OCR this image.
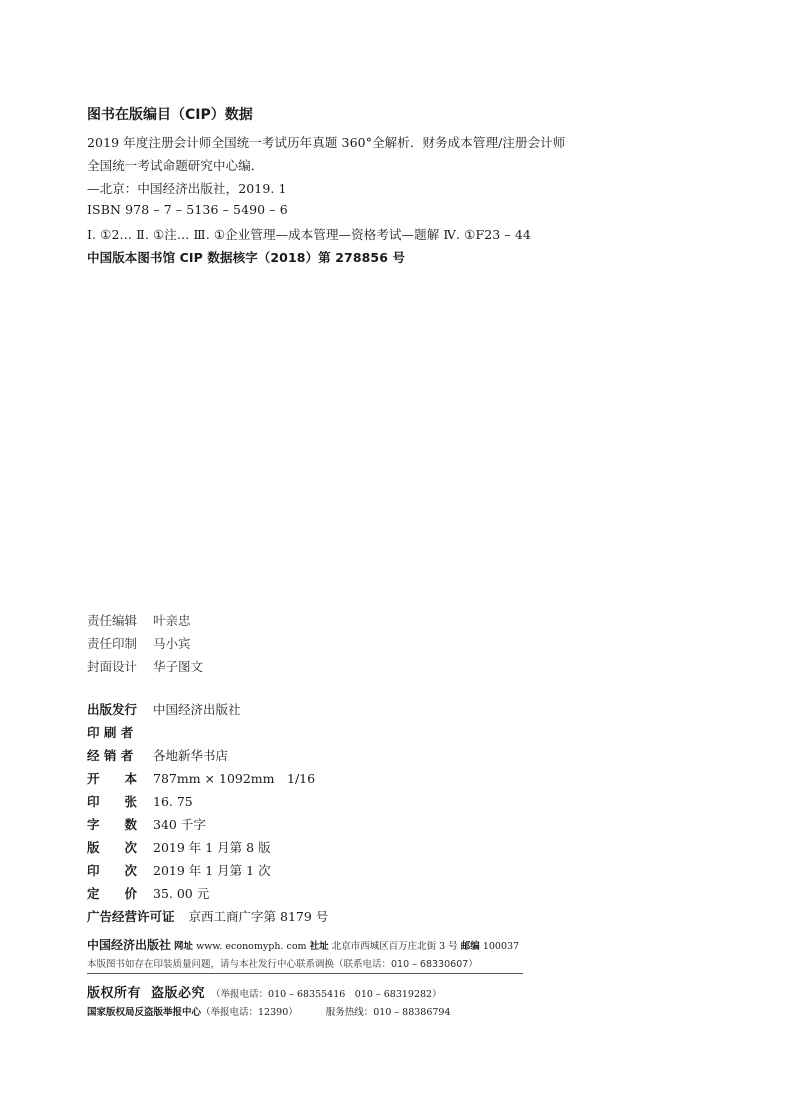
图书在版编目（CIP）数据
2019 年度注册会计师全国统一考试历年真题 360°全解析．财务成本管理/注册会计师
全国统一考试命题研究中心编．
—北京：中国经济出版社，2019. 1
ISBN 978 – 7 – 5136 – 5490 – 6
Ⅰ. ①2… Ⅱ. ①注… Ⅲ. ①企业管理—成本管理—资格考试—题解 Ⅳ. ①F23 – 44
中国版本图书馆 CIP 数据核字（2018）第 278856 号
责任编辑 叶亲忠
责任印制 马小宾
封面设计 华子图文
出版发行 中国经济出版社
印 刷 者
经 销 者 各地新华书店
开　　本 787mm × 1092mm　1/16
印　　张 16. 75
字　　数 340 千字
版　　次 2019 年 1 月第 8 版
印　　次 2019 年 1 月第 1 次
定　　价 35. 00 元
广告经营许可证 京西工商广字第 8179 号
中国经济出版社 网址 www. economyph. com 社址 北京市西城区百万庄北街 3 号 邮编 100037
本版图书如存在印装质量问题，请与本社发行中心联系调换（联系电话：010 – 68330607）
版权所有 盗版必究 （举报电话：010 – 68355416　010 – 68319282）
国家版权局反盗版举报中心（举报电话：12390）	服务热线：010 – 88386794
